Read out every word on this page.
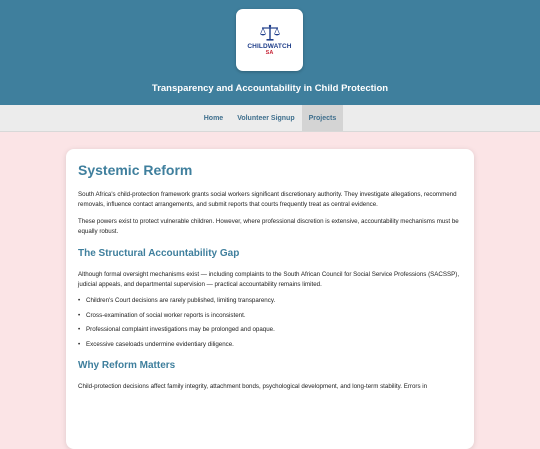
CHILDWATCH
SA
Transparency and Accountability in Child Protection
Home	Volunteer Signup	Projects
Systemic Reform

South Africa's child-protection framework grants social workers significant discretionary authority. They investigate allegations, recommend removals, influence contact arrangements, and submit reports that courts frequently treat as central evidence.

These powers exist to protect vulnerable children. However, where professional discretion is extensive, accountability mechanisms must be equally robust.

The Structural Accountability Gap

Although formal oversight mechanisms exist — including complaints to the South African Council for Social Service Professions (SACSSP), judicial appeals, and departmental supervision — practical accountability remains limited.

• Children's Court decisions are rarely published, limiting transparency.
• Cross-examination of social worker reports is inconsistent.
• Professional complaint investigations may be prolonged and opaque.
• Excessive caseloads undermine evidentiary diligence.
Why Reform Matters

Child-protection decisions affect family integrity, attachment bonds, psychological development, and long-term stability. Errors in
